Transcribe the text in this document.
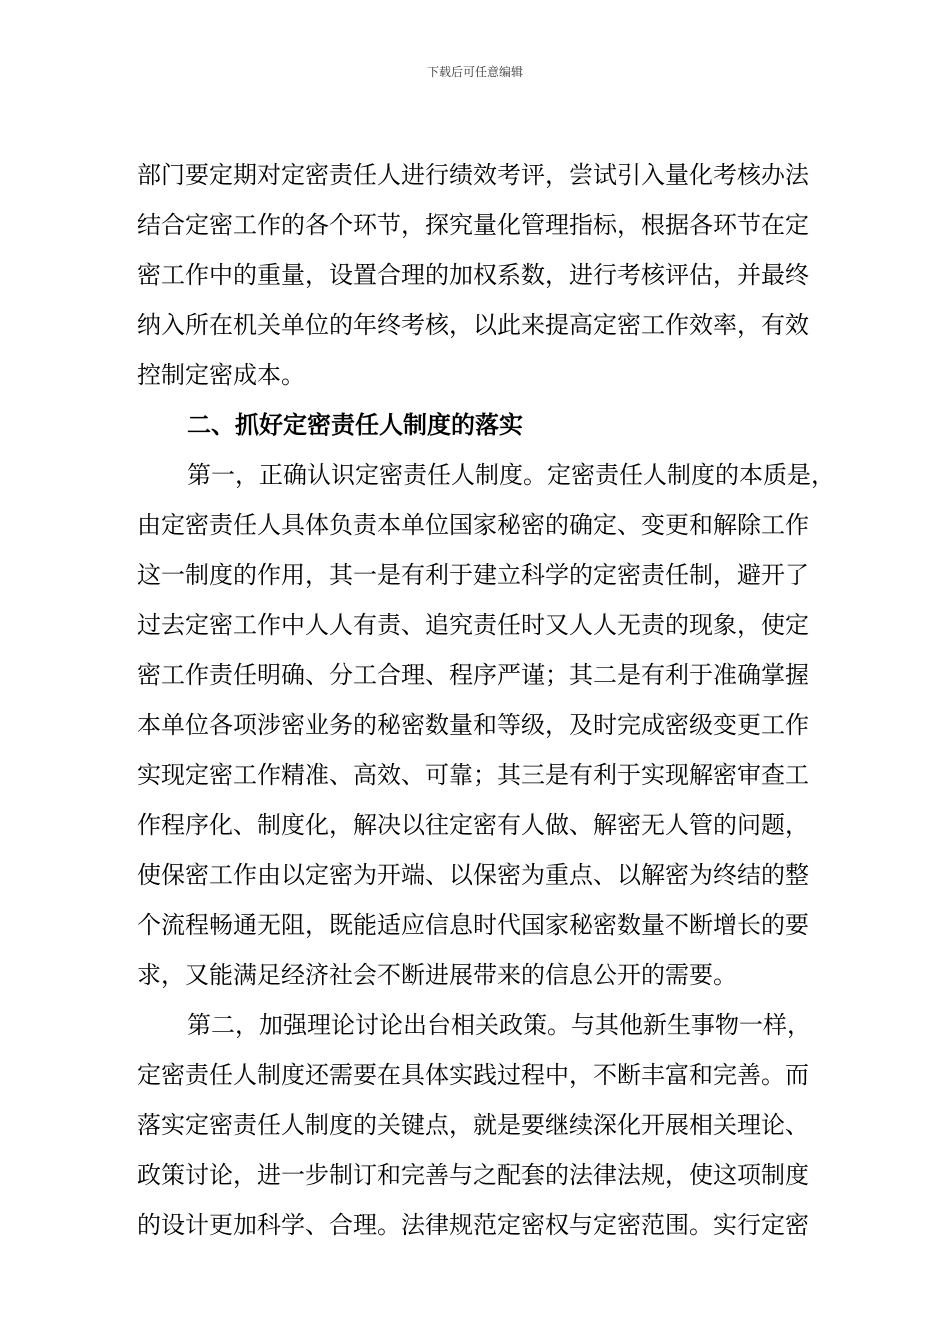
下载后可任意编辑
部门要定期对定密责任人进行绩效考评，尝试引入量化考核办法
结合定密工作的各个环节，探究量化管理指标，根据各环节在定
密工作中的重量，设置合理的加权系数，进行考核评估，并最终
纳入所在机关单位的年终考核，以此来提高定密工作效率，有效
控制定密成本。
二、抓好定密责任人制度的落实
第一，正确认识定密责任人制度。定密责任人制度的本质是，
由定密责任人具体负责本单位国家秘密的确定、变更和解除工作
这一制度的作用，其一是有利于建立科学的定密责任制，避开了
过去定密工作中人人有责、追究责任时又人人无责的现象，使定
密工作责任明确、分工合理、程序严谨；其二是有利于准确掌握
本单位各项涉密业务的秘密数量和等级，及时完成密级变更工作
实现定密工作精准、高效、可靠；其三是有利于实现解密审查工
作程序化、制度化，解决以往定密有人做、解密无人管的问题，
使保密工作由以定密为开端、以保密为重点、以解密为终结的整
个流程畅通无阻，既能适应信息时代国家秘密数量不断增长的要
求，又能满足经济社会不断进展带来的信息公开的需要。
第二，加强理论讨论出台相关政策。与其他新生事物一样，
定密责任人制度还需要在具体实践过程中，不断丰富和完善。而
落实定密责任人制度的关键点，就是要继续深化开展相关理论、
政策讨论，进一步制订和完善与之配套的法律法规，使这项制度
的设计更加科学、合理。法律规范定密权与定密范围。实行定密
